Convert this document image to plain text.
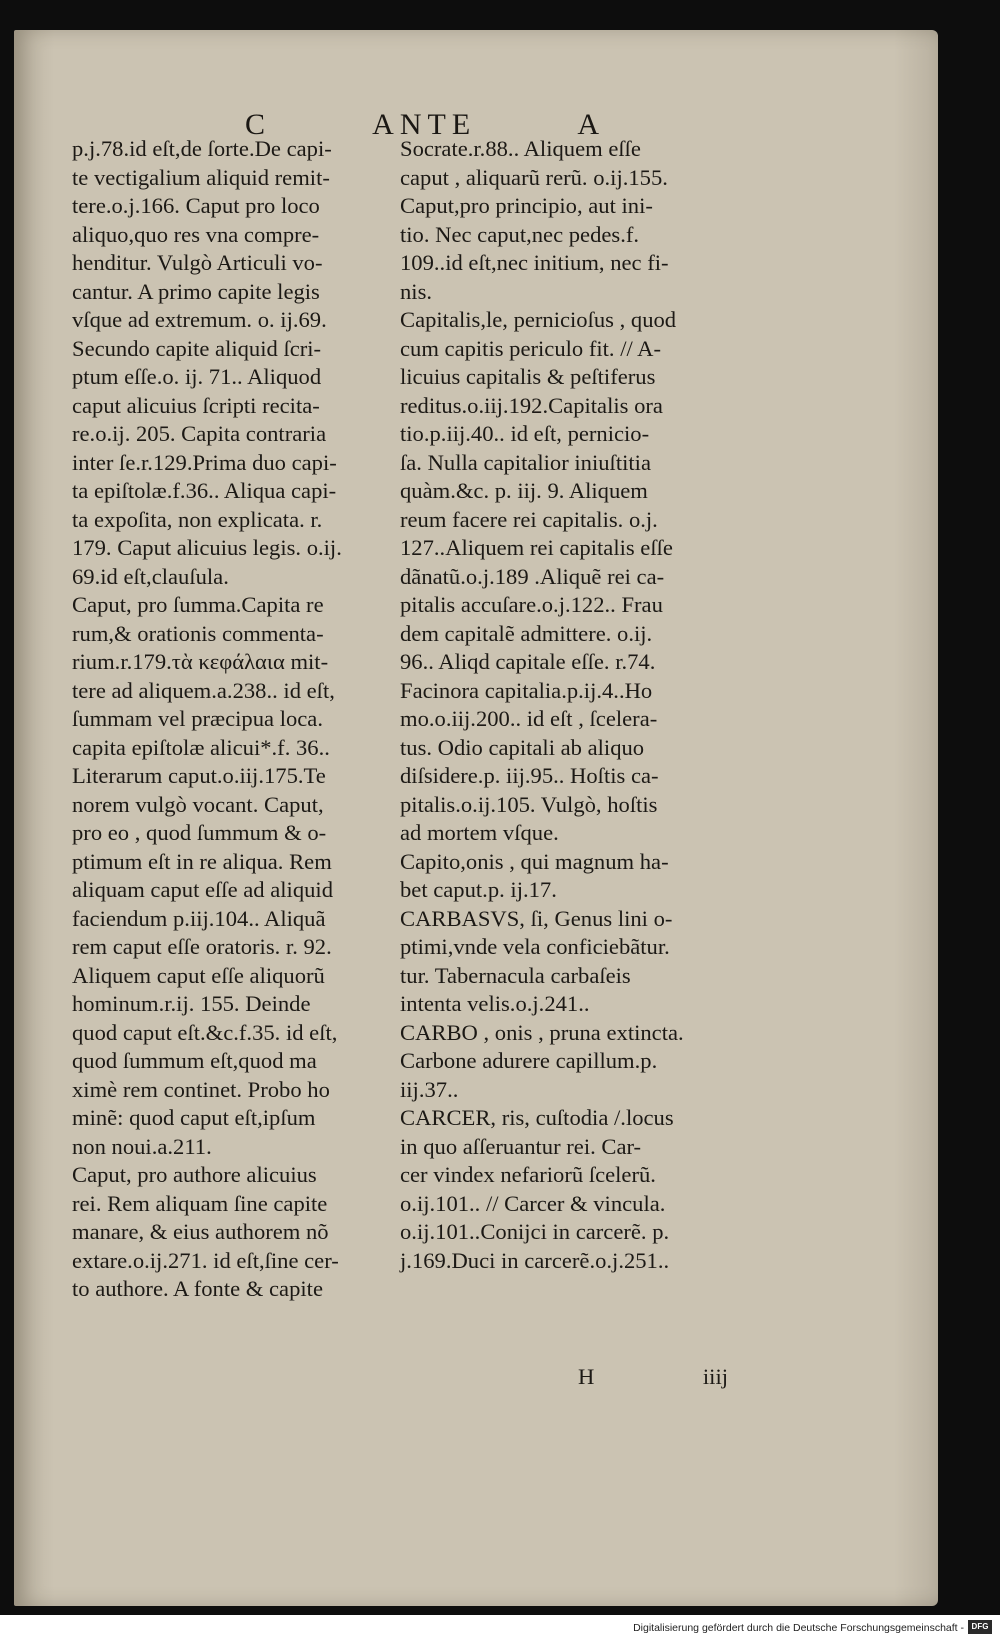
C	ANTE	A
p.j.78.id eſt,de ſorte.De capi-
te vectigalium aliquid remit-
tere.o.j.166. Caput pro loco
aliquo,quo res vna compre-
henditur. Vulgò Articuli vo-
cantur. A primo capite legis
vſque ad extremum. o. ij.69.
Secundo capite aliquid ſcri-
ptum eſſe.o. ij. 71.. Aliquod
caput alicuius ſcripti recita-
re.o.ij. 205. Capita contraria
inter ſe.r.129.Prima duo capi-
ta epiſtolæ.f.36.. Aliqua capi-
ta expoſita, non explicata. r.
179. Caput alicuius legis. o.ij.
69.id eſt,clauſula.
Caput, pro ſumma.Capita re
rum,& orationis commenta-
rium.r.179.τὰ κεφάλαια mit-
tere ad aliquem.a.238.. id eſt,
ſummam vel præcipua loca.
capita epiſtolæ alicui*.f. 36..
Literarum caput.o.iij.175.Te
norem vulgò vocant. Caput,
pro eo , quod ſummum & o-
ptimum eſt in re aliqua. Rem
aliquam caput eſſe ad aliquid
faciendum p.iij.104.. Aliquã
rem caput eſſe oratoris. r. 92.
Aliquem caput eſſe aliquorũ
hominum.r.ij. 155. Deinde
quod caput eſt.&c.f.35. id eſt,
quod ſummum eſt,quod ma
ximè rem continet. Probo ho
minẽ: quod caput eſt,ipſum
non noui.a.211.
Caput, pro authore alicuius
rei. Rem aliquam ſine capite
manare, & eius authorem nõ
extare.o.ij.271. id eſt,ſine cer-
to authore. A fonte & capite
Socrate.r.88.. Aliquem eſſe
caput , aliquarũ rerũ. o.ij.155.
Caput,pro principio, aut ini-
tio. Nec caput,nec pedes.f.
109..id eſt,nec initium, nec fi-
nis.
Capitalis,le, pernicioſus , quod
cum capitis periculo fit. // A-
licuius capitalis & peſtiferus
reditus.o.iij.192.Capitalis ora
tio.p.iij.40.. id eſt, pernicio-
ſa. Nulla capitalior iniuſtitia
quàm.&c. p. iij. 9. Aliquem
reum facere rei capitalis. o.j.
127..Aliquem rei capitalis eſſe
dãnatũ.o.j.189 .Aliquẽ rei ca-
pitalis accuſare.o.j.122.. Frau
dem capitalẽ admittere. o.ij.
96.. Aliqd capitale eſſe. r.74.
Facinora capitalia.p.ij.4..Ho
mo.o.iij.200.. id eſt , ſcelera-
tus. Odio capitali ab aliquo
diſsidere.p. iij.95.. Hoſtis ca-
pitalis.o.ij.105. Vulgò, hoſtis
ad mortem vſque.
Capito,onis , qui magnum ha-
bet caput.p. ij.17.
CARBASVS, ſi, Genus lini o-
ptimi,vnde vela conficiebãtur.
tur. Tabernacula carbaſeis
intenta velis.o.j.241..
CARBO , onis , pruna extincta.
Carbone adurere capillum.p.
iij.37..
CARCER, ris, cuſtodia /.locus
in quo aſſeruantur rei. Car-
cer vindex nefariorũ ſcelerũ.
o.ij.101.. // Carcer & vincula.
o.ij.101..Conijci in carcerẽ. p.
j.169.Duci in carcerẽ.o.j.251..
H	iiij
Digitalisierung gefördert durch die Deutsche Forschungsgemeinschaft - DFG
